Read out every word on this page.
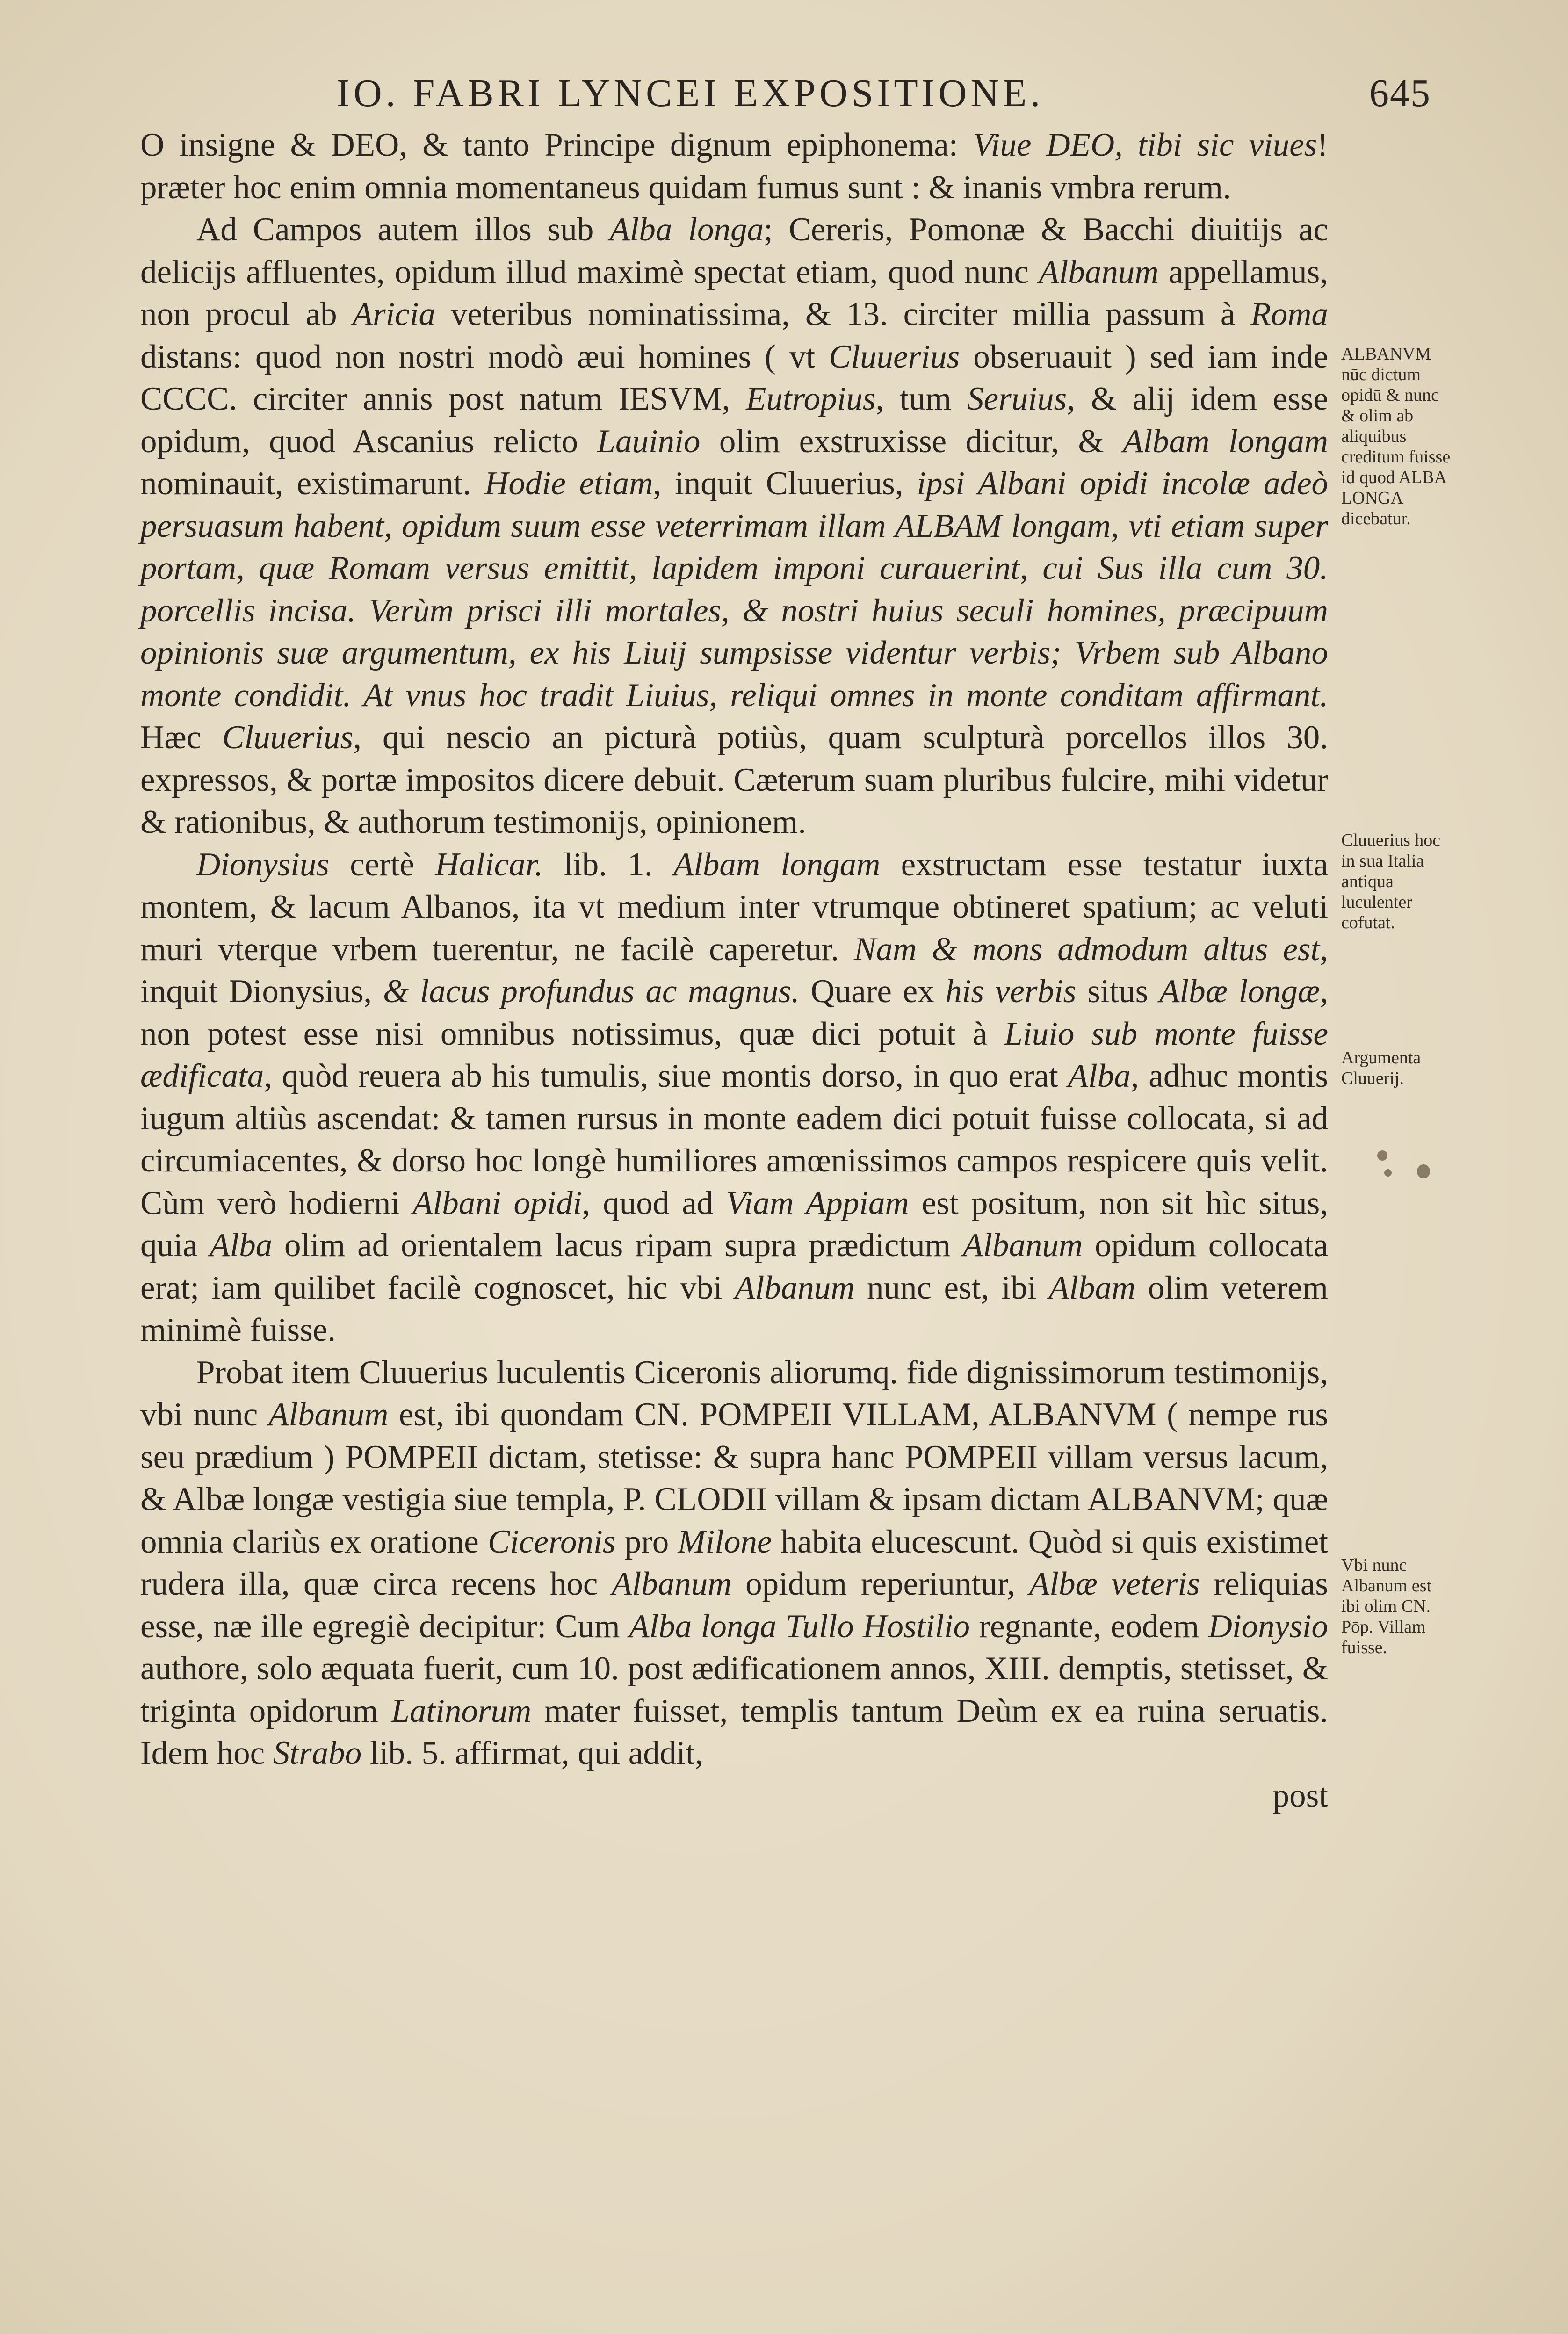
IO. FABRI LYNCEI EXPOSITIONE.	645

O insigne & DEO, & tanto Principe dignum epiphonema: Viue DEO, tibi sic viues! præter hoc enim omnia momentaneus quidam fumus sunt : & inanis vmbra rerum.

Ad Campos autem illos sub Alba longa; Cereris, Pomonæ & Bacchi diuitijs ac delicijs affluentes, opidum illud maximè spectat etiam, quod nunc Albanum appellamus, non procul ab Aricia veteribus nominatissima, & 13. circiter millia passum à Roma distans: quod non nostri modò æui homines ( vt Cluuerius obseruauit ) sed iam inde CCCC. circiter annis post natum IESVM, Eutropius, tum Seruius, & alij idem esse opidum, quod Ascanius relicto Lauinio olim exstruxisse dicitur, & Albam longam nominauit, existimarunt. Hodie etiam, inquit Cluuerius, ipsi Albani opidi incolæ adeò persuasum habent, opidum suum esse veterrimam illam ALBAM longam, vti etiam super portam, quæ Romam versus emittit, lapidem imponi curauerint, cui Sus illa cum 30. porcellis incisa. Verùm prisci illi mortales, & nostri huius seculi homines, præcipuum opinionis suæ argumentum, ex his Liuij sumpsisse videntur verbis; Vrbem sub Albano monte condidit. At vnus hoc tradit Liuius, reliqui omnes in monte conditam affirmant. Hæc Cluuerius, qui nescio an picturà potiùs, quam sculpturà porcellos illos 30. expressos, & portæ impositos dicere debuit. Cæterum suam pluribus fulcire, mihi videtur & rationibus, & authorum testimonijs, opinionem.

Dionysius certè Halicar. lib. 1. Albam longam exstructam esse testatur iuxta montem, & lacum Albanos, ita vt medium inter vtrumque obtineret spatium; ac veluti muri vterque vrbem tuerentur, ne facilè caperetur. Nam & mons admodum altus est, inquit Dionysius, & lacus profundus ac magnus. Quare ex his verbis situs Albæ longæ, non potest esse nisi omnibus notissimus, quæ dici potuit à Liuio sub monte fuisse ædificata, quòd reuera ab his tumulis, siue montis dorso, in quo erat Alba, adhuc montis iugum altiùs ascendat: & tamen rursus in monte eadem dici potuit fuisse collocata, si ad circumiacentes, & dorso hoc longè humiliores amœnissimos campos respicere quis velit. Cùm verò hodierni Albani opidi, quod ad Viam Appiam est positum, non sit hìc situs, quia Alba olim ad orientalem lacus ripam supra prædictum Albanum opidum collocata erat; iam quilibet facilè cognoscet, hic vbi Albanum nunc est, ibi Albam olim veterem minimè fuisse.

Probat item Cluuerius luculentis Ciceronis aliorumq. fide dignissimorum testimonijs, vbi nunc Albanum est, ibi quondam CN. POMPEII VILLAM, ALBANVM ( nempe rus seu prædium ) POMPEII dictam, stetisse: & supra hanc POMPEII villam versus lacum, & Albæ longæ vestigia siue templa, P. CLODII villam & ipsam dictam ALBANVM; quæ omnia clariùs ex oratione Ciceronis pro Milone habita elucescunt. Quòd si quis existimet rudera illa, quæ circa recens hoc Albanum opidum reperiuntur, Albæ veteris reliquias esse, næ ille egregiè decipitur: Cum Alba longa Tullo Hostilio regnante, eodem Dionysio authore, solo æquata fuerit, cum 10. post ædificationem annos, XIII. demptis, stetisset, & triginta opidorum Latinorum mater fuisset, templis tantum Deùm ex ea ruina seruatis. Idem hoc Strabo lib. 5. affirmat, qui addit,

post
ALBANVM nūc dictum opidū & nunc & olim ab aliquibus creditum fuisse id quod ALBA LONGA dicebatur.
Cluuerius hoc in sua Italia antiqua luculenter cōfutat.
Argumenta Cluuerij.
Vbi nunc Albanum est ibi olim CN. Pōp. Villam fuisse.
